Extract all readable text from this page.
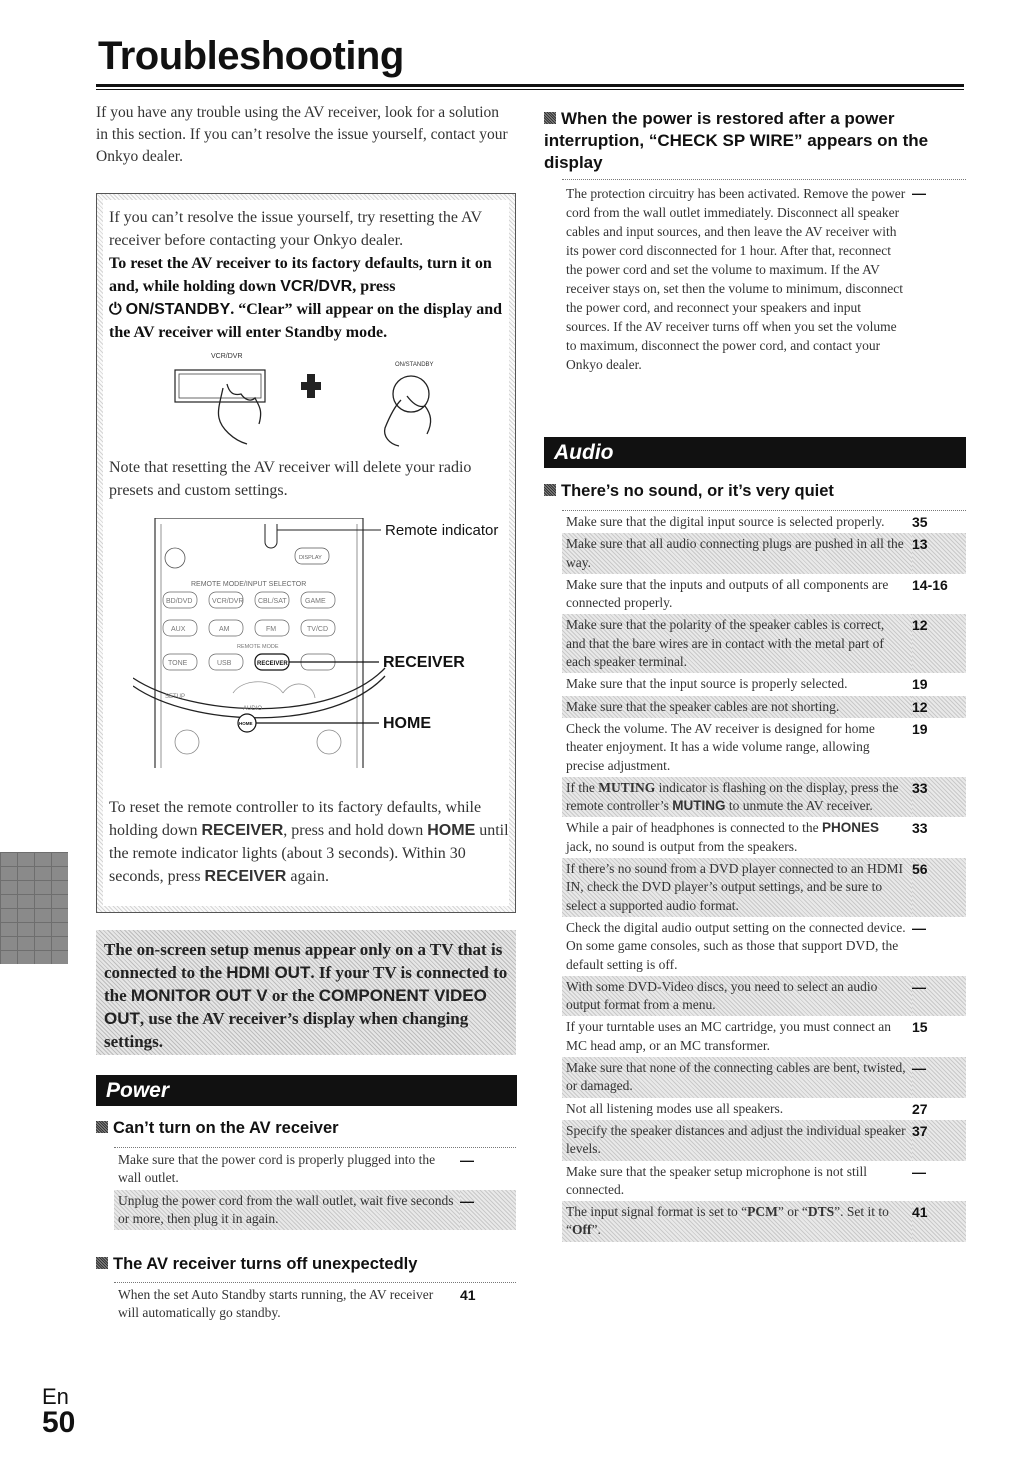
Troubleshooting
If you have any trouble using the AV receiver, look for a solution in this section. If you can’t resolve the issue yourself, contact your Onkyo dealer.
If you can’t resolve the issue yourself, try resetting the AV receiver before contacting your Onkyo dealer.
To reset the AV receiver to its factory defaults, turn it on and, while holding down VCR/DVR, press
⏻ ON/STANDBY. “Clear” will appear on the display and the AV receiver will enter Standby mode.
VCR/DVR
ON/STANDBY
Note that resetting the AV receiver will delete your radio presets and custom settings.
Remote indicator
DISPLAY
REMOTE MODE/INPUT SELECTOR
BD/DVD	VCR/DVR CBL/SAT	GAME
AUX	AM	FM	TV/CD
REMOTE MODE
TONE	USB	RECEIVER	RECEIVER
SETUP
AUDIO
HOME	HOME
To reset the remote controller to its factory defaults, while holding down RECEIVER, press and hold down HOME until the remote indicator lights (about 3 seconds). Within 30 seconds, press RECEIVER again.
The on-screen setup menus appear only on a TV that is connected to the HDMI OUT. If your TV is connected to the MONITOR OUT V or the COMPONENT VIDEO OUT, use the AV receiver’s display when changing settings.
Power
Can’t turn on the AV receiver
Make sure that the power cord is properly plugged into the wall outlet.	—
Unplug the power cord from the wall outlet, wait five seconds or more, then plug it in again.	—
The AV receiver turns off unexpectedly
When the set Auto Standby starts running, the AV receiver will automatically go standby.	41
When the power is restored after a power interruption, “CHECK SP WIRE” appears on the display
The protection circuitry has been activated. Remove the power cord from the wall outlet immediately. Disconnect all speaker cables and input sources, and then leave the AV receiver with its power cord disconnected for 1 hour. After that, reconnect the power cord and set the volume to maximum. If the AV receiver stays on, set then the volume to minimum, disconnect the power cord, and reconnect your speakers and input sources. If the AV receiver turns off when you set the volume to maximum, disconnect the power cord, and contact your Onkyo dealer.	—
Audio
There’s no sound, or it’s very quiet
Make sure that the digital input source is selected properly.	35
Make sure that all audio connecting plugs are pushed in all the way.	13
Make sure that the inputs and outputs of all components are connected properly.	14-16
Make sure that the polarity of the speaker cables is correct, and that the bare wires are in contact with the metal part of each speaker terminal.	12
Make sure that the input source is properly selected.	19
Make sure that the speaker cables are not shorting.	12
Check the volume. The AV receiver is designed for home theater enjoyment. It has a wide volume range, allowing precise adjustment.	19
If the MUTING indicator is flashing on the display, press the remote controller’s MUTING to unmute the AV receiver.	33
While a pair of headphones is connected to the PHONES jack, no sound is output from the speakers.	33
If there’s no sound from a DVD player connected to an HDMI IN, check the DVD player’s output settings, and be sure to select a supported audio format.	56
Check the digital audio output setting on the connected device. On some game consoles, such as those that support DVD, the default setting is off.	—
With some DVD-Video discs, you need to select an audio output format from a menu.	—
If your turntable uses an MC cartridge, you must connect an MC head amp, or an MC transformer.	15
Make sure that none of the connecting cables are bent, twisted, or damaged.	—
Not all listening modes use all speakers.	27
Specify the speaker distances and adjust the individual speaker levels.	37
Make sure that the speaker setup microphone is not still connected.	—
The input signal format is set to “PCM” or “DTS”. Set it to “Off”.	41
En
50
